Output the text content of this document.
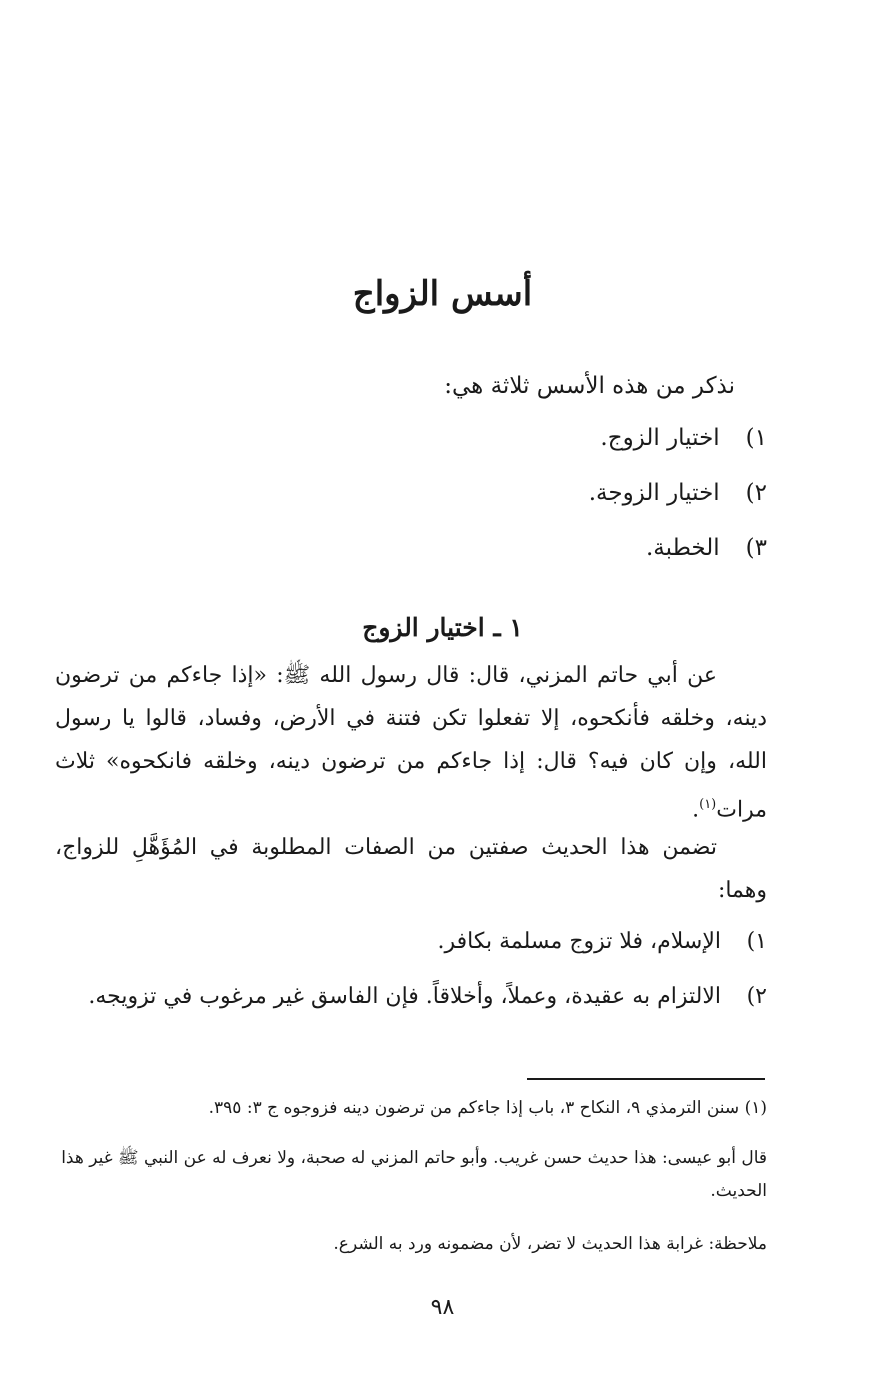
أسس الزواج
نذكر من هذه الأسس ثلاثة هي:
١) اختيار الزوج.
٢) اختيار الزوجة.
٣) الخطبة.
١ ـ اختيار الزوج
عن أبي حاتم المزني، قال: قال رسول الله ﷺ: «إذا جاءكم من ترضون دينه، وخلقه فأنكحوه، إلا تفعلوا تكن فتنة في الأرض، وفساد، قالوا يا رسول الله، وإن كان فيه؟ قال: إذا جاءكم من ترضون دينه، وخلقه فانكحوه» ثلاث مرات$^{(١)}$.
تضمن هذا الحديث صفتين من الصفات المطلوبة في المُؤَهَّلِ للزواج، وهما:
١)
الإسلام، فلا تزوج مسلمة بكافر.
٢)
الالتزام به عقيدة، وعملاً، وأخلاقاً. فإن الفاسق غير مرغوب في تزويجه.
(١) سنن الترمذي ٩، النكاح ٣، باب إذا جاءكم من ترضون دينه فزوجوه ج ٣: ٣٩٥.
قال أبو عيسى: هذا حديث حسن غريب. وأبو حاتم المزني له صحبة، ولا نعرف له عن النبي ﷺ غير هذا الحديث.
ملاحظة: غرابة هذا الحديث لا تضر، لأن مضمونه ورد به الشرع.
٩٨
